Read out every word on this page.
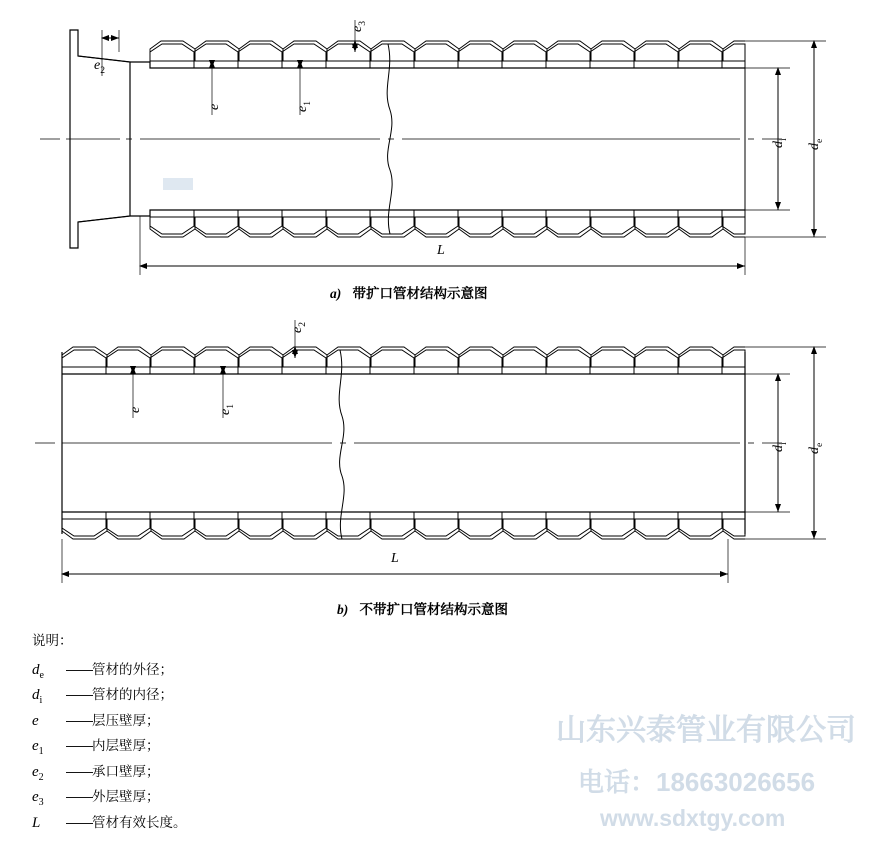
山东兴泰管业有限公司
电话：18663026656
www.sdxtgy.com
$e_2$
$e_3$
e	$e_1$
$d_i$
$d_e$
L
$e_2$
e	$e_1$
$d_i$
$d_e$
L
a) 带扩口管材结构示意图
b) 不带扩口管材结构示意图
说明：
$d_e$	—— 管材的外径；
$d_i$	—— 管材的内径；
e	—— 层压壁厚；
$e_1$	—— 内层壁厚；
$e_2$	—— 承口壁厚；
$e_3$	—— 外层壁厚；
L	—— 管材有效长度。
